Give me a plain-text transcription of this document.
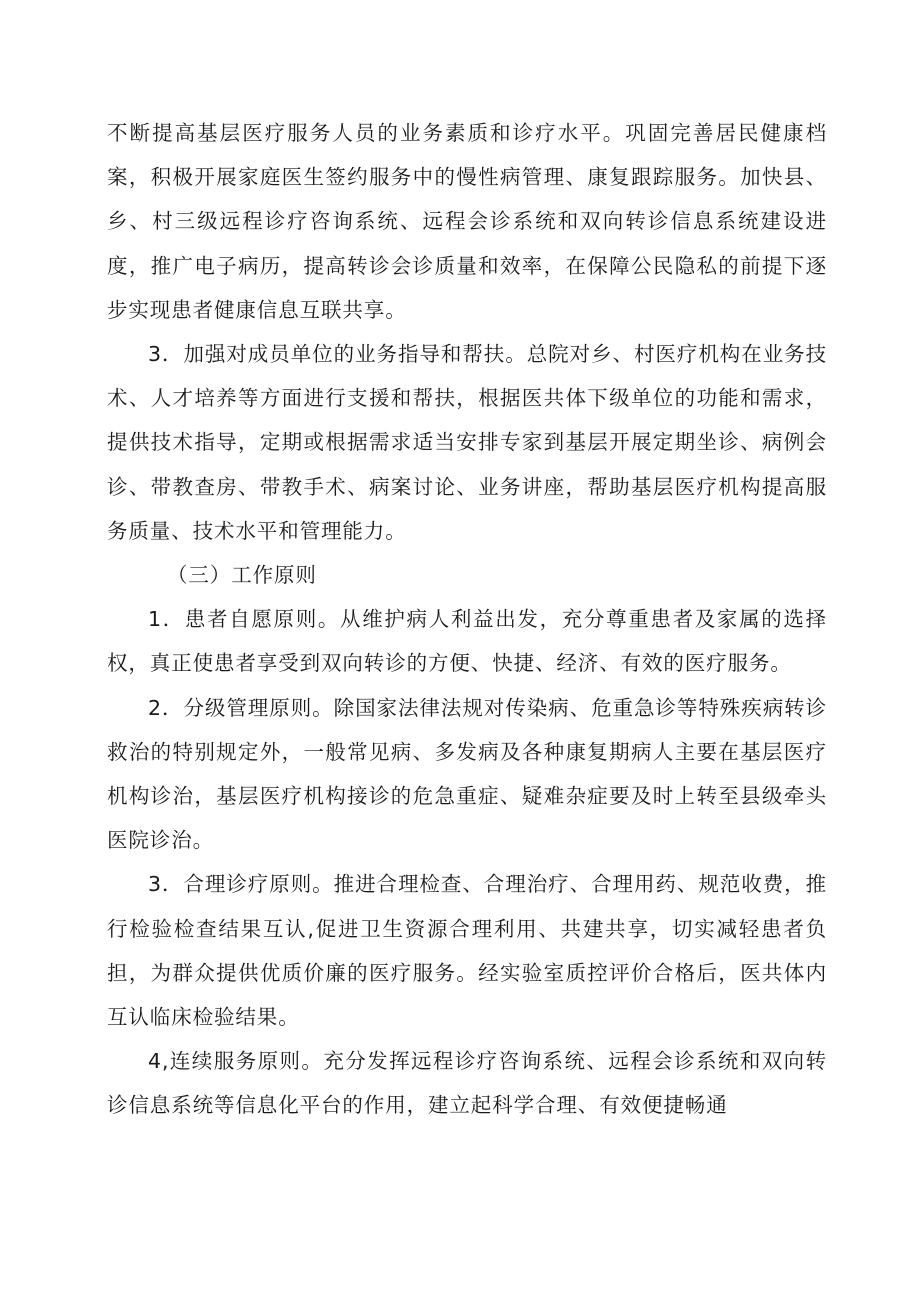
不断提高基层医疗服务人员的业务素质和诊疗水平。巩固完善居民健康档案，积极开展家庭医生签约服务中的慢性病管理、康复跟踪服务。加快县、乡、村三级远程诊疗咨询系统、远程会诊系统和双向转诊信息系统建设进度，推广电子病历，提高转诊会诊质量和效率，在保障公民隐私的前提下逐步实现患者健康信息互联共享。

3．加强对成员单位的业务指导和帮扶。总院对乡、村医疗机构在业务技术、人才培养等方面进行支援和帮扶，根据医共体下级单位的功能和需求，提供技术指导，定期或根据需求适当安排专家到基层开展定期坐诊、病例会诊、带教查房、带教手术、病案讨论、业务讲座，帮助基层医疗机构提高服务质量、技术水平和管理能力。

（三）工作原则

1．患者自愿原则。从维护病人利益出发，充分尊重患者及家属的选择权，真正使患者享受到双向转诊的方便、快捷、经济、有效的医疗服务。

2．分级管理原则。除国家法律法规对传染病、危重急诊等特殊疾病转诊救治的特别规定外，一般常见病、多发病及各种康复期病人主要在基层医疗机构诊治，基层医疗机构接诊的危急重症、疑难杂症要及时上转至县级牵头医院诊治。

3．合理诊疗原则。推进合理检查、合理治疗、合理用药、规范收费，推行检验检查结果互认,促进卫生资源合理利用、共建共享，切实减轻患者负担，为群众提供优质价廉的医疗服务。经实验室质控评价合格后，医共体内互认临床检验结果。

4,连续服务原则。充分发挥远程诊疗咨询系统、远程会诊系统和双向转诊信息系统等信息化平台的作用，建立起科学合理、有效便捷畅通
